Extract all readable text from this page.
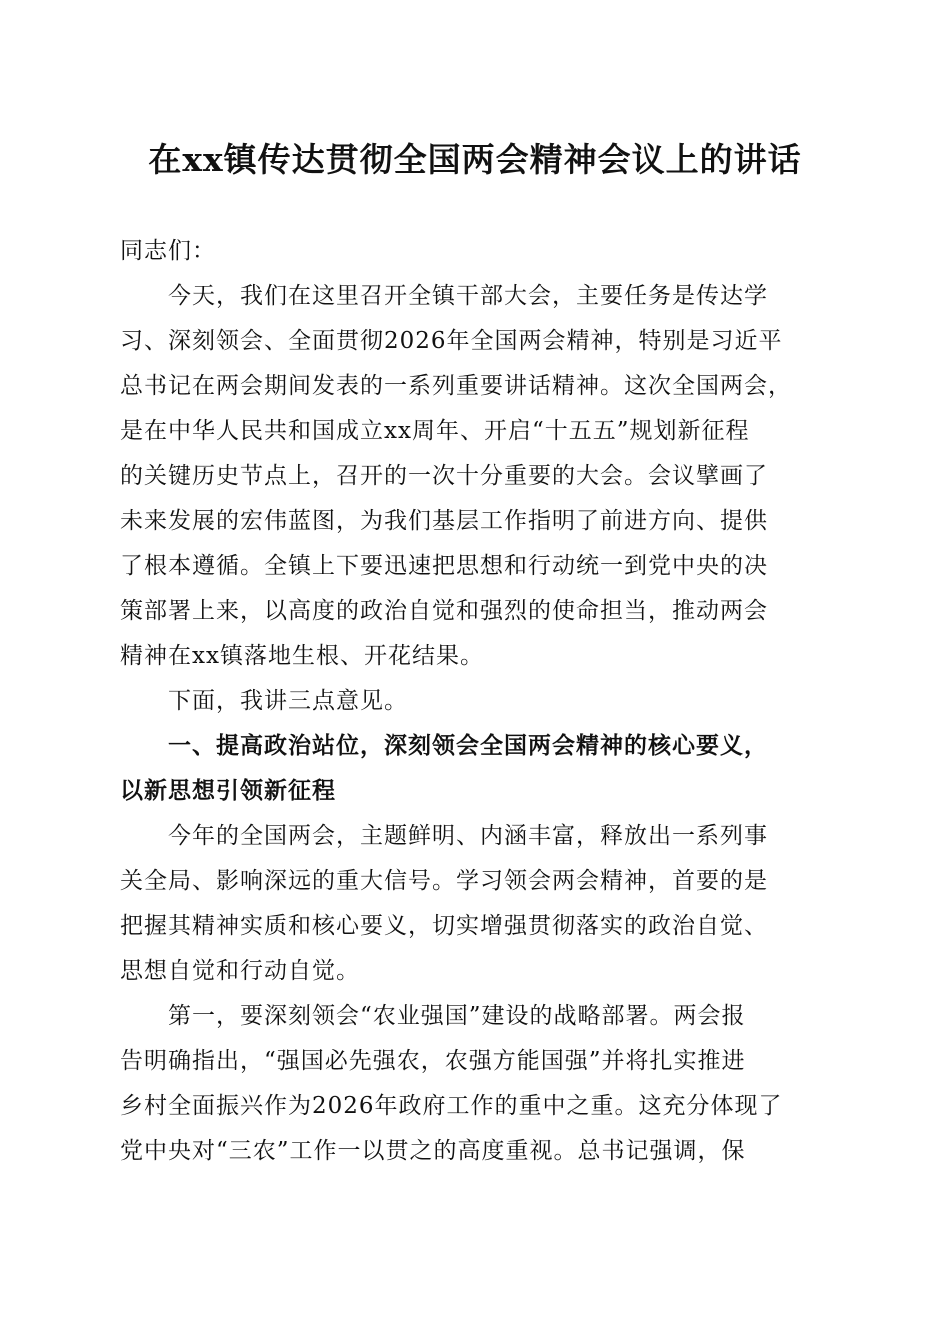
在xx镇传达贯彻全国两会精神会议上的讲话
同志们：
今天，我们在这里召开全镇干部大会，主要任务是传达学
习、深刻领会、全面贯彻2026年全国两会精神，特别是习近平
总书记在两会期间发表的一系列重要讲话精神。这次全国两会，
是在中华人民共和国成立xx周年、开启“十五五”规划新征程
的关键历史节点上，召开的一次十分重要的大会。会议擘画了
未来发展的宏伟蓝图，为我们基层工作指明了前进方向、提供
了根本遵循。全镇上下要迅速把思想和行动统一到党中央的决
策部署上来，以高度的政治自觉和强烈的使命担当，推动两会
精神在xx镇落地生根、开花结果。
下面，我讲三点意见。
一、提高政治站位，深刻领会全国两会精神的核心要义，
以新思想引领新征程
今年的全国两会，主题鲜明、内涵丰富，释放出一系列事
关全局、影响深远的重大信号。学习领会两会精神，首要的是
把握其精神实质和核心要义，切实增强贯彻落实的政治自觉、
思想自觉和行动自觉。
第一，要深刻领会“农业强国”建设的战略部署。两会报
告明确指出，“强国必先强农，农强方能国强”并将扎实推进
乡村全面振兴作为2026年政府工作的重中之重。这充分体现了
党中央对“三农”工作一以贯之的高度重视。总书记强调，保
